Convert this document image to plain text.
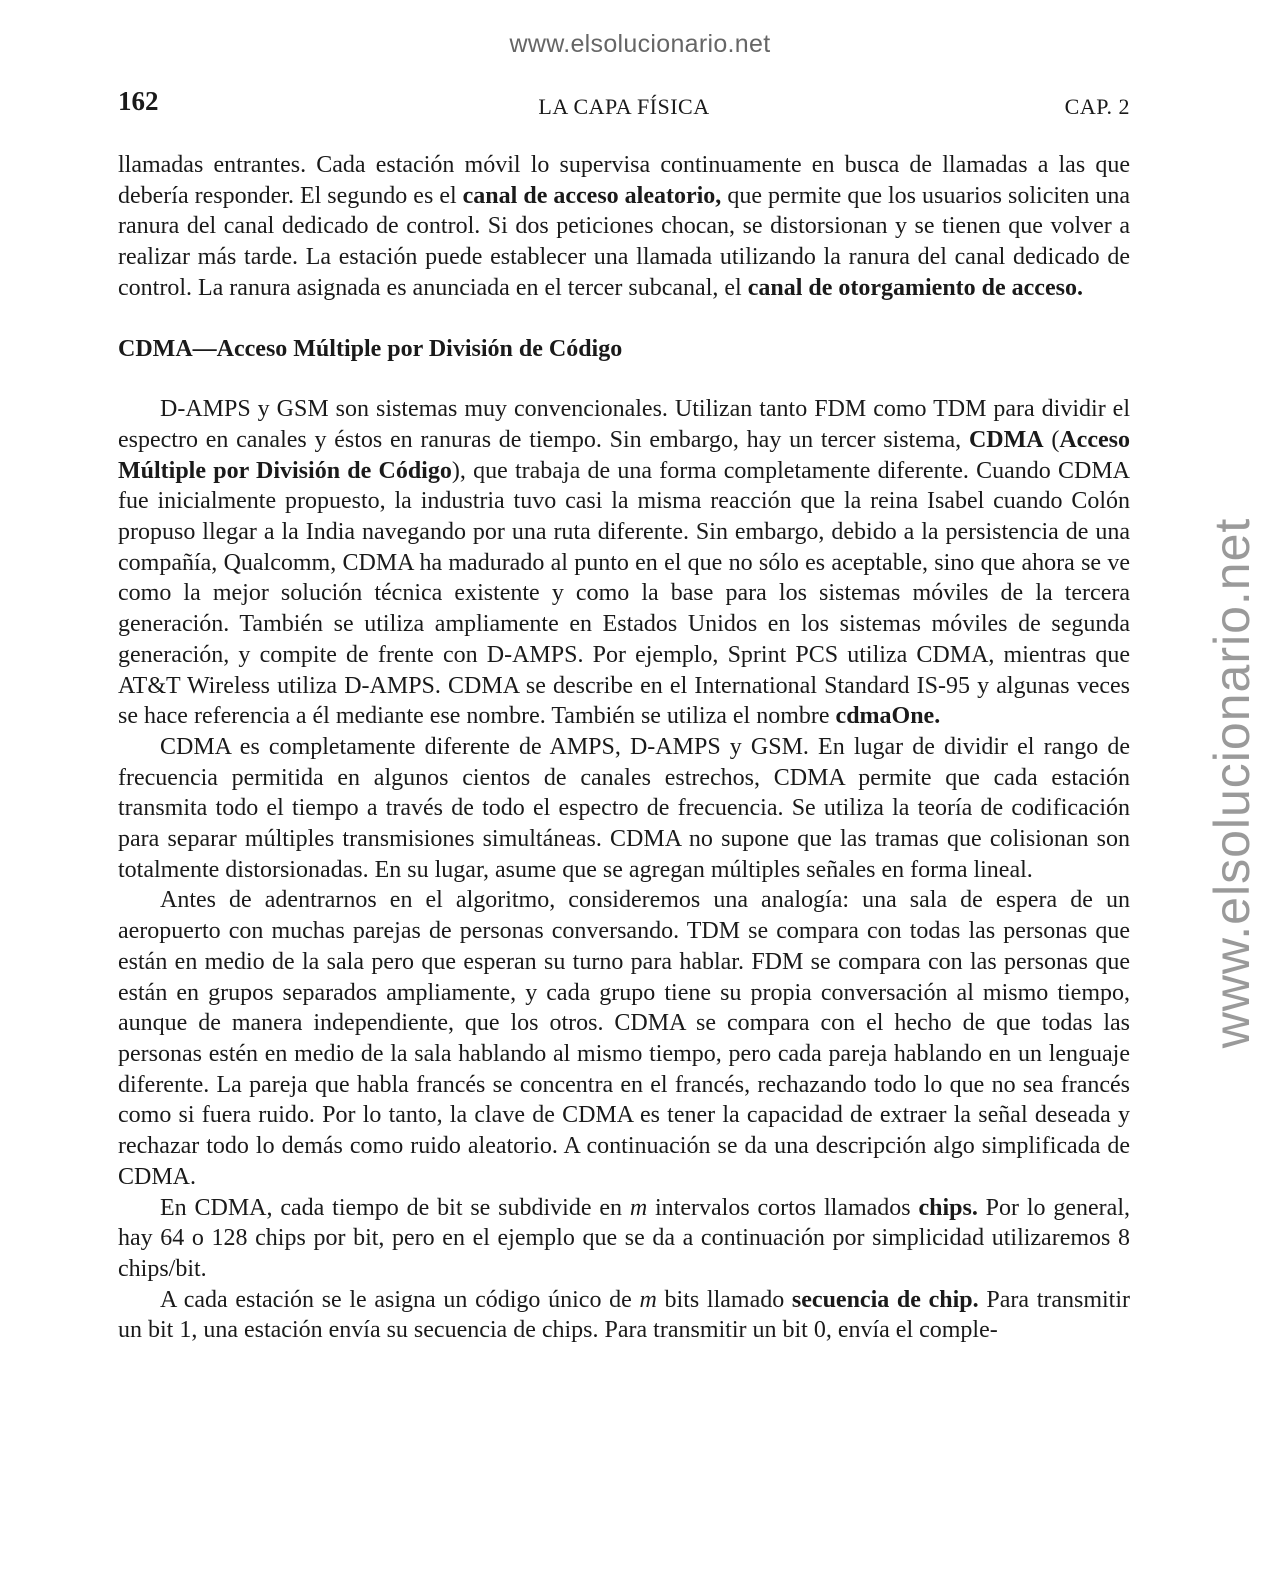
www.elsolucionario.net
www.elsolucionario.net
162	LA CAPA FÍSICA	CAP. 2

llamadas entrantes. Cada estación móvil lo supervisa continuamente en busca de llamadas a las que debería responder. El segundo es el canal de acceso aleatorio, que permite que los usuarios soliciten una ranura del canal dedicado de control. Si dos peticiones chocan, se distorsionan y se tienen que volver a realizar más tarde. La estación puede establecer una llamada utilizando la ranura del canal dedicado de control. La ranura asignada es anunciada en el tercer subcanal, el canal de otorgamiento de acceso.

CDMA—Acceso Múltiple por División de Código

D-AMPS y GSM son sistemas muy convencionales. Utilizan tanto FDM como TDM para dividir el espectro en canales y éstos en ranuras de tiempo. Sin embargo, hay un tercer sistema, CDMA (Acceso Múltiple por División de Código), que trabaja de una forma completamente diferente. Cuando CDMA fue inicialmente propuesto, la industria tuvo casi la misma reacción que la reina Isabel cuando Colón propuso llegar a la India navegando por una ruta diferente. Sin embargo, debido a la persistencia de una compañía, Qualcomm, CDMA ha madurado al punto en el que no sólo es aceptable, sino que ahora se ve como la mejor solución técnica existente y como la base para los sistemas móviles de la tercera generación. También se utiliza ampliamente en Estados Unidos en los sistemas móviles de segunda generación, y compite de frente con D-AMPS. Por ejemplo, Sprint PCS utiliza CDMA, mientras que AT&T Wireless utiliza D-AMPS. CDMA se describe en el International Standard IS-95 y algunas veces se hace referencia a él mediante ese nombre. También se utiliza el nombre cdmaOne.

CDMA es completamente diferente de AMPS, D-AMPS y GSM. En lugar de dividir el rango de frecuencia permitida en algunos cientos de canales estrechos, CDMA permite que cada estación transmita todo el tiempo a través de todo el espectro de frecuencia. Se utiliza la teoría de codificación para separar múltiples transmisiones simultáneas. CDMA no supone que las tramas que colisionan son totalmente distorsionadas. En su lugar, asume que se agregan múltiples señales en forma lineal.

Antes de adentrarnos en el algoritmo, consideremos una analogía: una sala de espera de un aeropuerto con muchas parejas de personas conversando. TDM se compara con todas las personas que están en medio de la sala pero que esperan su turno para hablar. FDM se compara con las personas que están en grupos separados ampliamente, y cada grupo tiene su propia conversación al mismo tiempo, aunque de manera independiente, que los otros. CDMA se compara con el hecho de que todas las personas estén en medio de la sala hablando al mismo tiempo, pero cada pareja hablando en un lenguaje diferente. La pareja que habla francés se concentra en el francés, rechazando todo lo que no sea francés como si fuera ruido. Por lo tanto, la clave de CDMA es tener la capacidad de extraer la señal deseada y rechazar todo lo demás como ruido aleatorio. A continuación se da una descripción algo simplificada de CDMA.

En CDMA, cada tiempo de bit se subdivide en m intervalos cortos llamados chips. Por lo general, hay 64 o 128 chips por bit, pero en el ejemplo que se da a continuación por simplicidad utilizaremos 8 chips/bit.

A cada estación se le asigna un código único de m bits llamado secuencia de chip. Para transmitir un bit 1, una estación envía su secuencia de chips. Para transmitir un bit 0, envía el comple-
